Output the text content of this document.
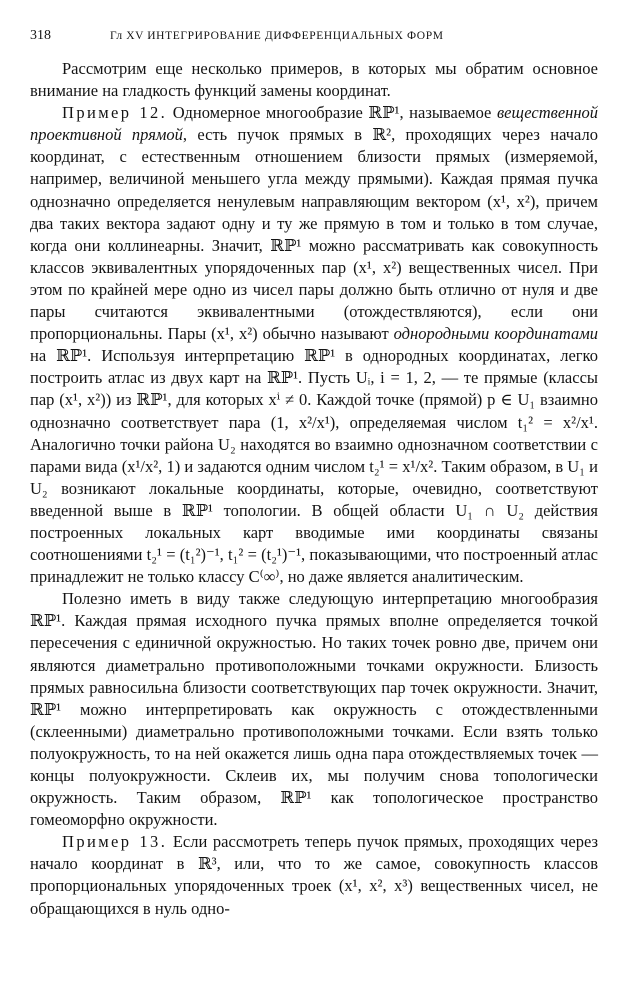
318	Гл XV ИНТЕГРИРОВАНИЕ ДИФФЕРЕНЦИАЛЬНЫХ ФОРМ

Рассмотрим еще несколько примеров, в которых мы обратим основное внимание на гладкость функций замены координат.

Пример 12. Одномерное многообразие ℝℙ¹, называемое вещественной проективной прямой, есть пучок прямых в ℝ², проходящих через начало координат, с естественным отношением близости прямых (измеряемой, например, величиной меньшего угла между прямыми). Каждая прямая пучка однозначно определяется ненулевым направляющим вектором (x¹, x²), причем два таких вектора задают одну и ту же прямую в том и только в том случае, когда они коллинеарны. Значит, ℝℙ¹ можно рассматривать как совокупность классов эквивалентных упорядоченных пар (x¹, x²) вещественных чисел. При этом по крайней мере одно из чисел пары должно быть отлично от нуля и две пары считаются эквивалентными (отождествляются), если они пропорциональны. Пары (x¹, x²) обычно называют однородными координатами на ℝℙ¹. Используя интерпретацию ℝℙ¹ в однородных координатах, легко построить атлас из двух карт на ℝℙ¹. Пусть Uᵢ, i = 1, 2, — те прямые (классы пар (x¹, x²)) из ℝℙ¹, для которых xⁱ ≠ 0. Каждой точке (прямой) p ∈ U₁ взаимно однозначно соответствует пара (1, x²/x¹), определяемая числом t₁² = x²/x¹. Аналогично точки района U₂ находятся во взаимно однозначном соответствии с парами вида (x¹/x², 1) и задаются одним числом t₂¹ = x¹/x². Таким образом, в U₁ и U₂ возникают локальные координаты, которые, очевидно, соответствуют введенной выше в ℝℙ¹ топологии. В общей области U₁ ∩ U₂ действия построенных локальных карт вводимые ими координаты связаны соотношениями t₂¹ = (t₁²)⁻¹, t₁² = (t₂¹)⁻¹, показывающими, что построенный атлас принадлежит не только классу C⁽∞⁾, но даже является аналитическим.

Полезно иметь в виду также следующую интерпретацию многообразия ℝℙ¹. Каждая прямая исходного пучка прямых вполне определяется точкой пересечения с единичной окружностью. Но таких точек ровно две, причем они являются диаметрально противоположными точками окружности. Близость прямых равносильна близости соответствующих пар точек окружности. Значит, ℝℙ¹ можно интерпретировать как окружность с отождествленными (склеенными) диаметрально противоположными точками. Если взять только полуокружность, то на ней окажется лишь одна пара отождествляемых точек — концы полуокружности. Склеив их, мы получим снова топологически окружность. Таким образом, ℝℙ¹ как топологическое пространство гомеоморфно окружности.

Пример 13. Если рассмотреть теперь пучок прямых, проходящих через начало координат в ℝ³, или, что то же самое, совокупность классов пропорциональных упорядоченных троек (x¹, x², x³) вещественных чисел, не обращающихся в нуль одно-
